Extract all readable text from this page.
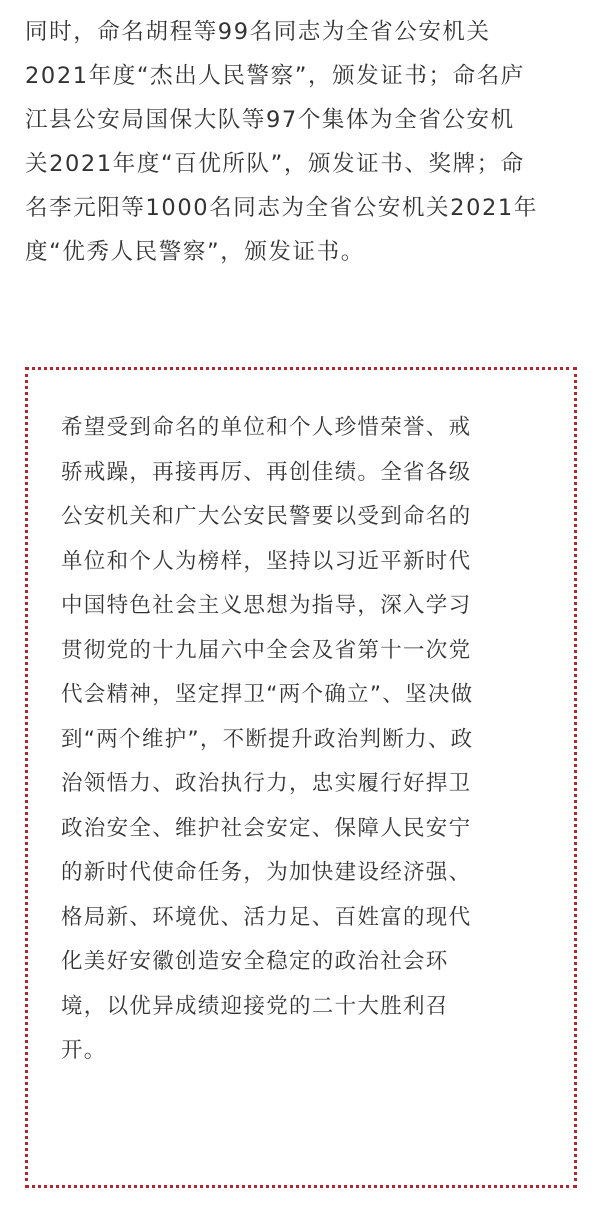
同时，命名胡程等99名同志为全省公安机关
2021年度“杰出人民警察”，颁发证书；命名庐
江县公安局国保大队等97个集体为全省公安机
关2021年度“百优所队”，颁发证书、奖牌；命
名李元阳等1000名同志为全省公安机关2021年
度“优秀人民警察”，颁发证书。

希望受到命名的单位和个人珍惜荣誉、戒
骄戒躁，再接再厉、再创佳绩。全省各级
公安机关和广大公安民警要以受到命名的
单位和个人为榜样，坚持以习近平新时代
中国特色社会主义思想为指导，深入学习
贯彻党的十九届六中全会及省第十一次党
代会精神，坚定捍卫“两个确立”、坚决做
到“两个维护”，不断提升政治判断力、政
治领悟力、政治执行力，忠实履行好捍卫
政治安全、维护社会安定、保障人民安宁
的新时代使命任务，为加快建设经济强、
格局新、环境优、活力足、百姓富的现代
化美好安徽创造安全稳定的政治社会环
境，以优异成绩迎接党的二十大胜利召
开。
